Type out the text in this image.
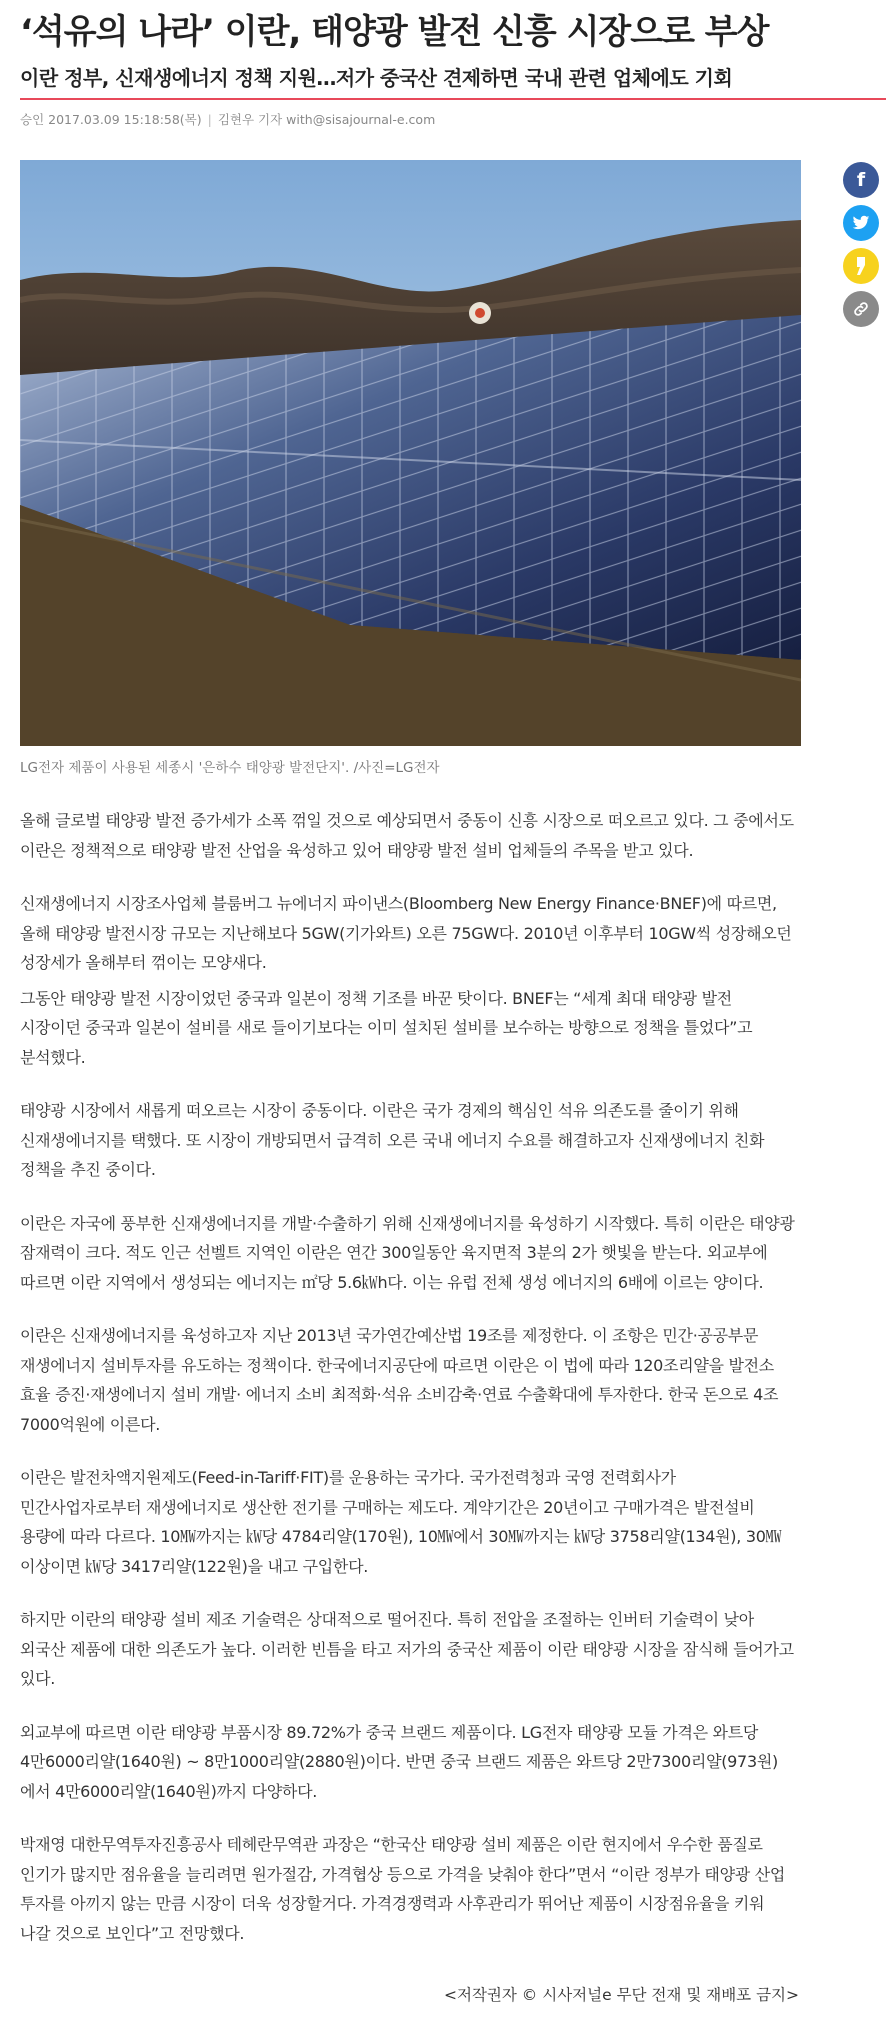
‘석유의 나라’ 이란, 태양광 발전 신흥 시장으로 부상
이란 정부, 신재생에너지 정책 지원…저가 중국산 견제하면 국내 관련 업체에도 기회
승인 2017.03.09 15:18:58(목) | 김현우 기자 with@sisajournal-e.com
LG전자 제품이 사용된 세종시 '은하수 태양광 발전단지'. /사진=LG전자
f

올해 글로벌 태양광 발전 증가세가 소폭 꺾일 것으로 예상되면서 중동이 신흥 시장으로 떠오르고 있다. 그 중에서도 이란은 정책적으로 태양광 발전 산업을 육성하고 있어 태양광 발전 설비 업체들의 주목을 받고 있다.

신재생에너지 시장조사업체 블룸버그 뉴에너지 파이낸스(Bloomberg New Energy Finance·BNEF)에 따르면, 올해 태양광 발전시장 규모는 지난해보다 5GW(기가와트) 오른 75GW다. 2010년 이후부터 10GW씩 성장해오던 성장세가 올해부터 꺾이는 모양새다.

그동안 태양광 발전 시장이었던 중국과 일본이 정책 기조를 바꾼 탓이다. BNEF는 “세계 최대 태양광 발전 시장이던 중국과 일본이 설비를 새로 들이기보다는 이미 설치된 설비를 보수하는 방향으로 정책을 틀었다”고 분석했다.

태양광 시장에서 새롭게 떠오르는 시장이 중동이다. 이란은 국가 경제의 핵심인 석유 의존도를 줄이기 위해 신재생에너지를 택했다. 또 시장이 개방되면서 급격히 오른 국내 에너지 수요를 해결하고자 신재생에너지 친화 정책을 추진 중이다.

이란은 자국에 풍부한 신재생에너지를 개발·수출하기 위해 신재생에너지를 육성하기 시작했다. 특히 이란은 태양광 잠재력이 크다. 적도 인근 선벨트 지역인 이란은 연간 300일동안 육지면적 3분의 2가 햇빛을 받는다. 외교부에 따르면 이란 지역에서 생성되는 에너지는 ㎡당 5.6㎾h다. 이는 유럽 전체 생성 에너지의 6배에 이르는 양이다.

이란은 신재생에너지를 육성하고자 지난 2013년 국가연간예산법 19조를 제정한다. 이 조항은 민간·공공부문 재생에너지 설비투자를 유도하는 정책이다. 한국에너지공단에 따르면 이란은 이 법에 따라 120조리얄을 발전소 효율 증진·재생에너지 설비 개발· 에너지 소비 최적화·석유 소비감축·연료 수출확대에 투자한다. 한국 돈으로 4조 7000억원에 이른다.

이란은 발전차액지원제도(Feed-in-Tariff·FIT)를 운용하는 국가다. 국가전력청과 국영 전력회사가 민간사업자로부터 재생에너지로 생산한 전기를 구매하는 제도다. 계약기간은 20년이고 구매가격은 발전설비 용량에 따라 다르다. 10㎿까지는 ㎾당 4784리얄(170원), 10㎿에서 30㎿까지는 ㎾당 3758리얄(134원), 30㎿이상이면 ㎾당 3417리얄(122원)을 내고 구입한다.

하지만 이란의 태양광 설비 제조 기술력은 상대적으로 떨어진다. 특히 전압을 조절하는 인버터 기술력이 낮아 외국산 제품에 대한 의존도가 높다. 이러한 빈틈을 타고 저가의 중국산 제품이 이란 태양광 시장을 잠식해 들어가고 있다.

외교부에 따르면 이란 태양광 부품시장 89.72%가 중국 브랜드 제품이다. LG전자 태양광 모듈 가격은 와트당 4만6000리얄(1640원) ~ 8만1000리얄(2880원)이다. 반면 중국 브랜드 제품은 와트당 2만7300리얄(973원)에서 4만6000리얄(1640원)까지 다양하다.

박재영 대한무역투자진흥공사 테헤란무역관 과장은 “한국산 태양광 설비 제품은 이란 현지에서 우수한 품질로 인기가 많지만 점유율을 늘리려면 원가절감, 가격협상 등으로 가격을 낮춰야 한다”면서 “이란 정부가 태양광 산업 투자를 아끼지 않는 만큼 시장이 더욱 성장할거다. 가격경쟁력과 사후관리가 뛰어난 제품이 시장점유율을 키워 나갈 것으로 보인다”고 전망했다.

<저작권자 © 시사저널e 무단 전재 및 재배포 금지>
